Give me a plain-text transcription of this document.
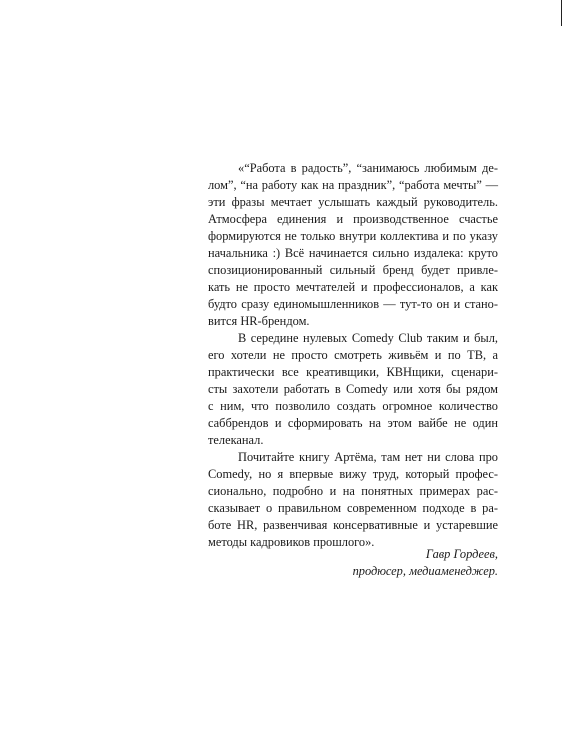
«“Работа в радость”, “занимаюсь любимым де-
лом”, “на работу как на праздник”, “работа мечты” —
эти фразы мечтает услышать каждый руководитель.
Атмосфера единения и производственное счастье
формируются не только внутри коллектива и по указу
начальника :) Всё начинается сильно издалека: круто
спозиционированный сильный бренд будет привле-
кать не просто мечтателей и профессионалов, а как
будто сразу единомышленников — тут-то он и стано-
вится HR-брендом.
В середине нулевых Comedy Club таким и был,
его хотели не просто смотреть живьём и по ТВ, а
практически все креативщики, КВНщики, сценари-
сты захотели работать в Comedy или хотя бы рядом
с ним, что позволило создать огромное количество
саббрендов и сформировать на этом вайбе не один
телеканал.
Почитайте книгу Артёма, там нет ни слова про
Comedy, но я впервые вижу труд, который профес-
сионально, подробно и на понятных примерах рас-
сказывает о правильном современном подходе в ра-
боте HR, развенчивая консервативные и устаревшие
методы кадровиков прошлого».
Гавр Гордеев,
продюсер, медиаменеджер.
